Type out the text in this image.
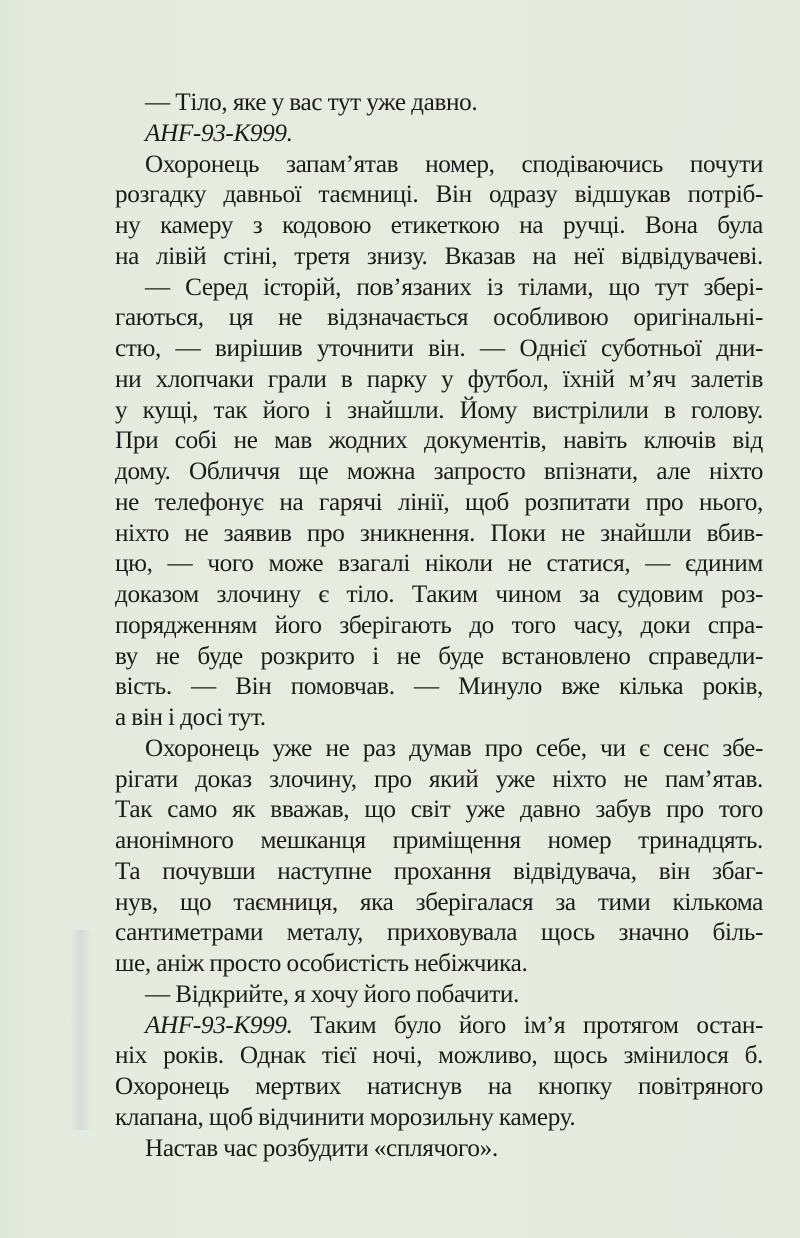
— Тіло, яке у вас тут уже давно.
AHF-93-K999.
Охоронець запам’ятав номер, сподіваючись почути
розгадку давньої таємниці. Він одразу відшукав потріб-
ну камеру з кодовою етикеткою на ручці. Вона була
на лівій стіні, третя знизу. Вказав на неї відвідувачеві.
— Серед історій, пов’язаних із тілами, що тут збері-
гаються, ця не відзначається особливою оригінальні-
стю, — вирішив уточнити він. — Однієї суботньої дни-
ни хлопчаки грали в парку у футбол, їхній м’яч залетів
у кущі, так його і знайшли. Йому вистрілили в голову.
При собі не мав жодних документів, навіть ключів від
дому. Обличчя ще можна запросто впізнати, але ніхто
не телефонує на гарячі лінії, щоб розпитати про нього,
ніхто не заявив про зникнення. Поки не знайшли вбив-
цю, — чого може взагалі ніколи не статися, — єдиним
доказом злочину є тіло. Таким чином за судовим роз-
порядженням його зберігають до того часу, доки спра-
ву не буде розкрито і не буде встановлено справедли-
вість. — Він помовчав. — Минуло вже кілька років,
а він і досі тут.
Охоронець уже не раз думав про себе, чи є сенс збе-
рігати доказ злочину, про який уже ніхто не пам’ятав.
Так само як вважав, що світ уже давно забув про того
анонімного мешканця приміщення номер тринадцять.
Та почувши наступне прохання відвідувача, він збаг-
нув, що таємниця, яка зберігалася за тими кількома
сантиметрами металу, приховувала щось значно біль-
ше, аніж просто особистість небіжчика.
— Відкрийте, я хочу його побачити.
AHF-93-K999. Таким було його ім’я протягом остан-
ніх років. Однак тієї ночі, можливо, щось змінилося б.
Охоронець мертвих натиснув на кнопку повітряного
клапана, щоб відчинити морозильну камеру.
Настав час розбудити «сплячого».
